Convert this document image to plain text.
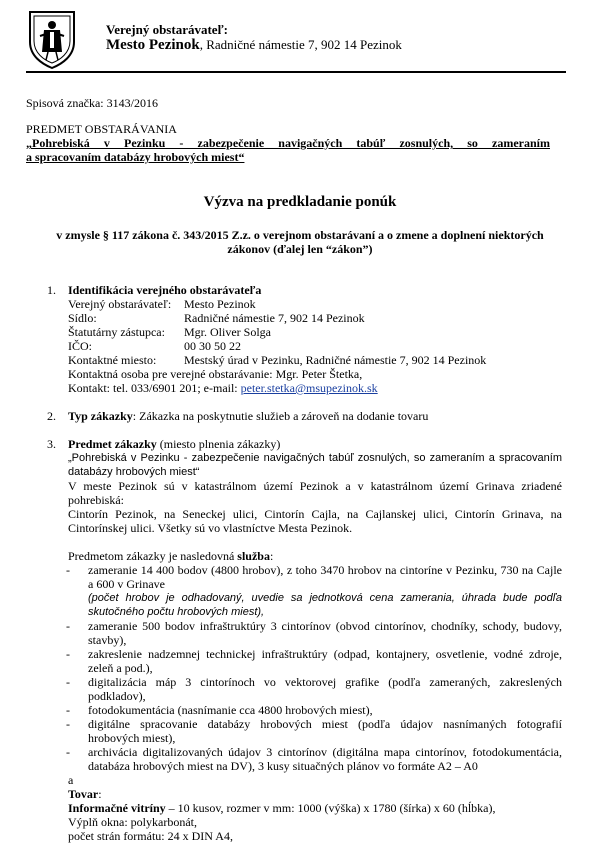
Verejný obstarávateľ:
Mesto Pezinok, Radničné námestie 7, 902 14 Pezinok
Spisová značka: 3143/2016
PREDMET OBSTARÁVANIA
„Pohrebiská v Pezinku - zabezpečenie navigačných tabúľ zosnulých, so zameraním
a spracovaním databázy hrobových miest“
Výzva na predkladanie ponúk
v zmysle § 117 zákona č. 343/2015 Z.z. o verejnom obstarávaní a o zmene a doplnení niektorých
zákonov (ďalej len “zákon”)
1. Identifikácia verejného obstarávateľa
Verejný obstarávateľ: Mesto Pezinok
Sídlo:	Radničné námestie 7, 902 14 Pezinok
Štatutárny zástupca: Mgr. Oliver Solga
IČO:	00 30 50 22
Kontaktné miesto: Mestský úrad v Pezinku, Radničné námestie 7, 902 14 Pezinok
Kontaktná osoba pre verejné obstarávanie: Mgr. Peter Štetka,
Kontakt: tel. 033/6901 201; e-mail: peter.stetka@msupezinok.sk
2. Typ zákazky: Zákazka na poskytnutie služieb a zároveň na dodanie tovaru
3. Predmet zákazky (miesto plnenia zákazky)
„Pohrebiská v Pezinku - zabezpečenie navigačných tabúľ zosnulých, so zameraním a spracovaním
databázy hrobových miest“
V meste Pezinok sú v katastrálnom území Pezinok a v katastrálnom území Grinava zriadené
pohrebiská:
Cintorín Pezinok, na Seneckej ulici, Cintorín Cajla, na Cajlanskej ulici, Cintorín Grinava, na
Cintorínskej ulici. Všetky sú vo vlastníctve Mesta Pezinok.
Predmetom zákazky je nasledovná služba:
- zameranie 14 400 bodov (4800 hrobov), z toho 3470 hrobov na cintoríne v Pezinku, 730 na Cajle
a 600 v Grinave
(počet hrobov je odhadovaný, uvedie sa jednotková cena zamerania, úhrada bude podľa
skutočného počtu hrobových miest),
- zameranie 500 bodov infraštruktúry 3 cintorínov (obvod cintorínov, chodníky, schody, budovy,
stavby),
- zakreslenie nadzemnej technickej infraštruktúry (odpad, kontajnery, osvetlenie, vodné zdroje,
zeleň a pod.),
- digitalizácia máp 3 cintorínoch vo vektorovej grafike (podľa zameraných, zakreslených
podkladov),
- fotodokumentácia (nasnímanie cca 4800 hrobových miest),
- digitálne spracovanie databázy hrobových miest (podľa údajov nasnímaných fotografií
hrobových miest),
- archivácia digitalizovaných údajov 3 cintorínov (digitálna mapa cintorínov, fotodokumentácia,
databáza hrobových miest na DV), 3 kusy situačných plánov vo formáte A2 – A0
a
Tovar:
Informačné vitríny – 10 kusov, rozmer v mm: 1000 (výška) x 1780 (šírka) x 60 (hĺbka),
Výplň okna: polykarbonát,
počet strán formátu: 24 x DIN A4,
